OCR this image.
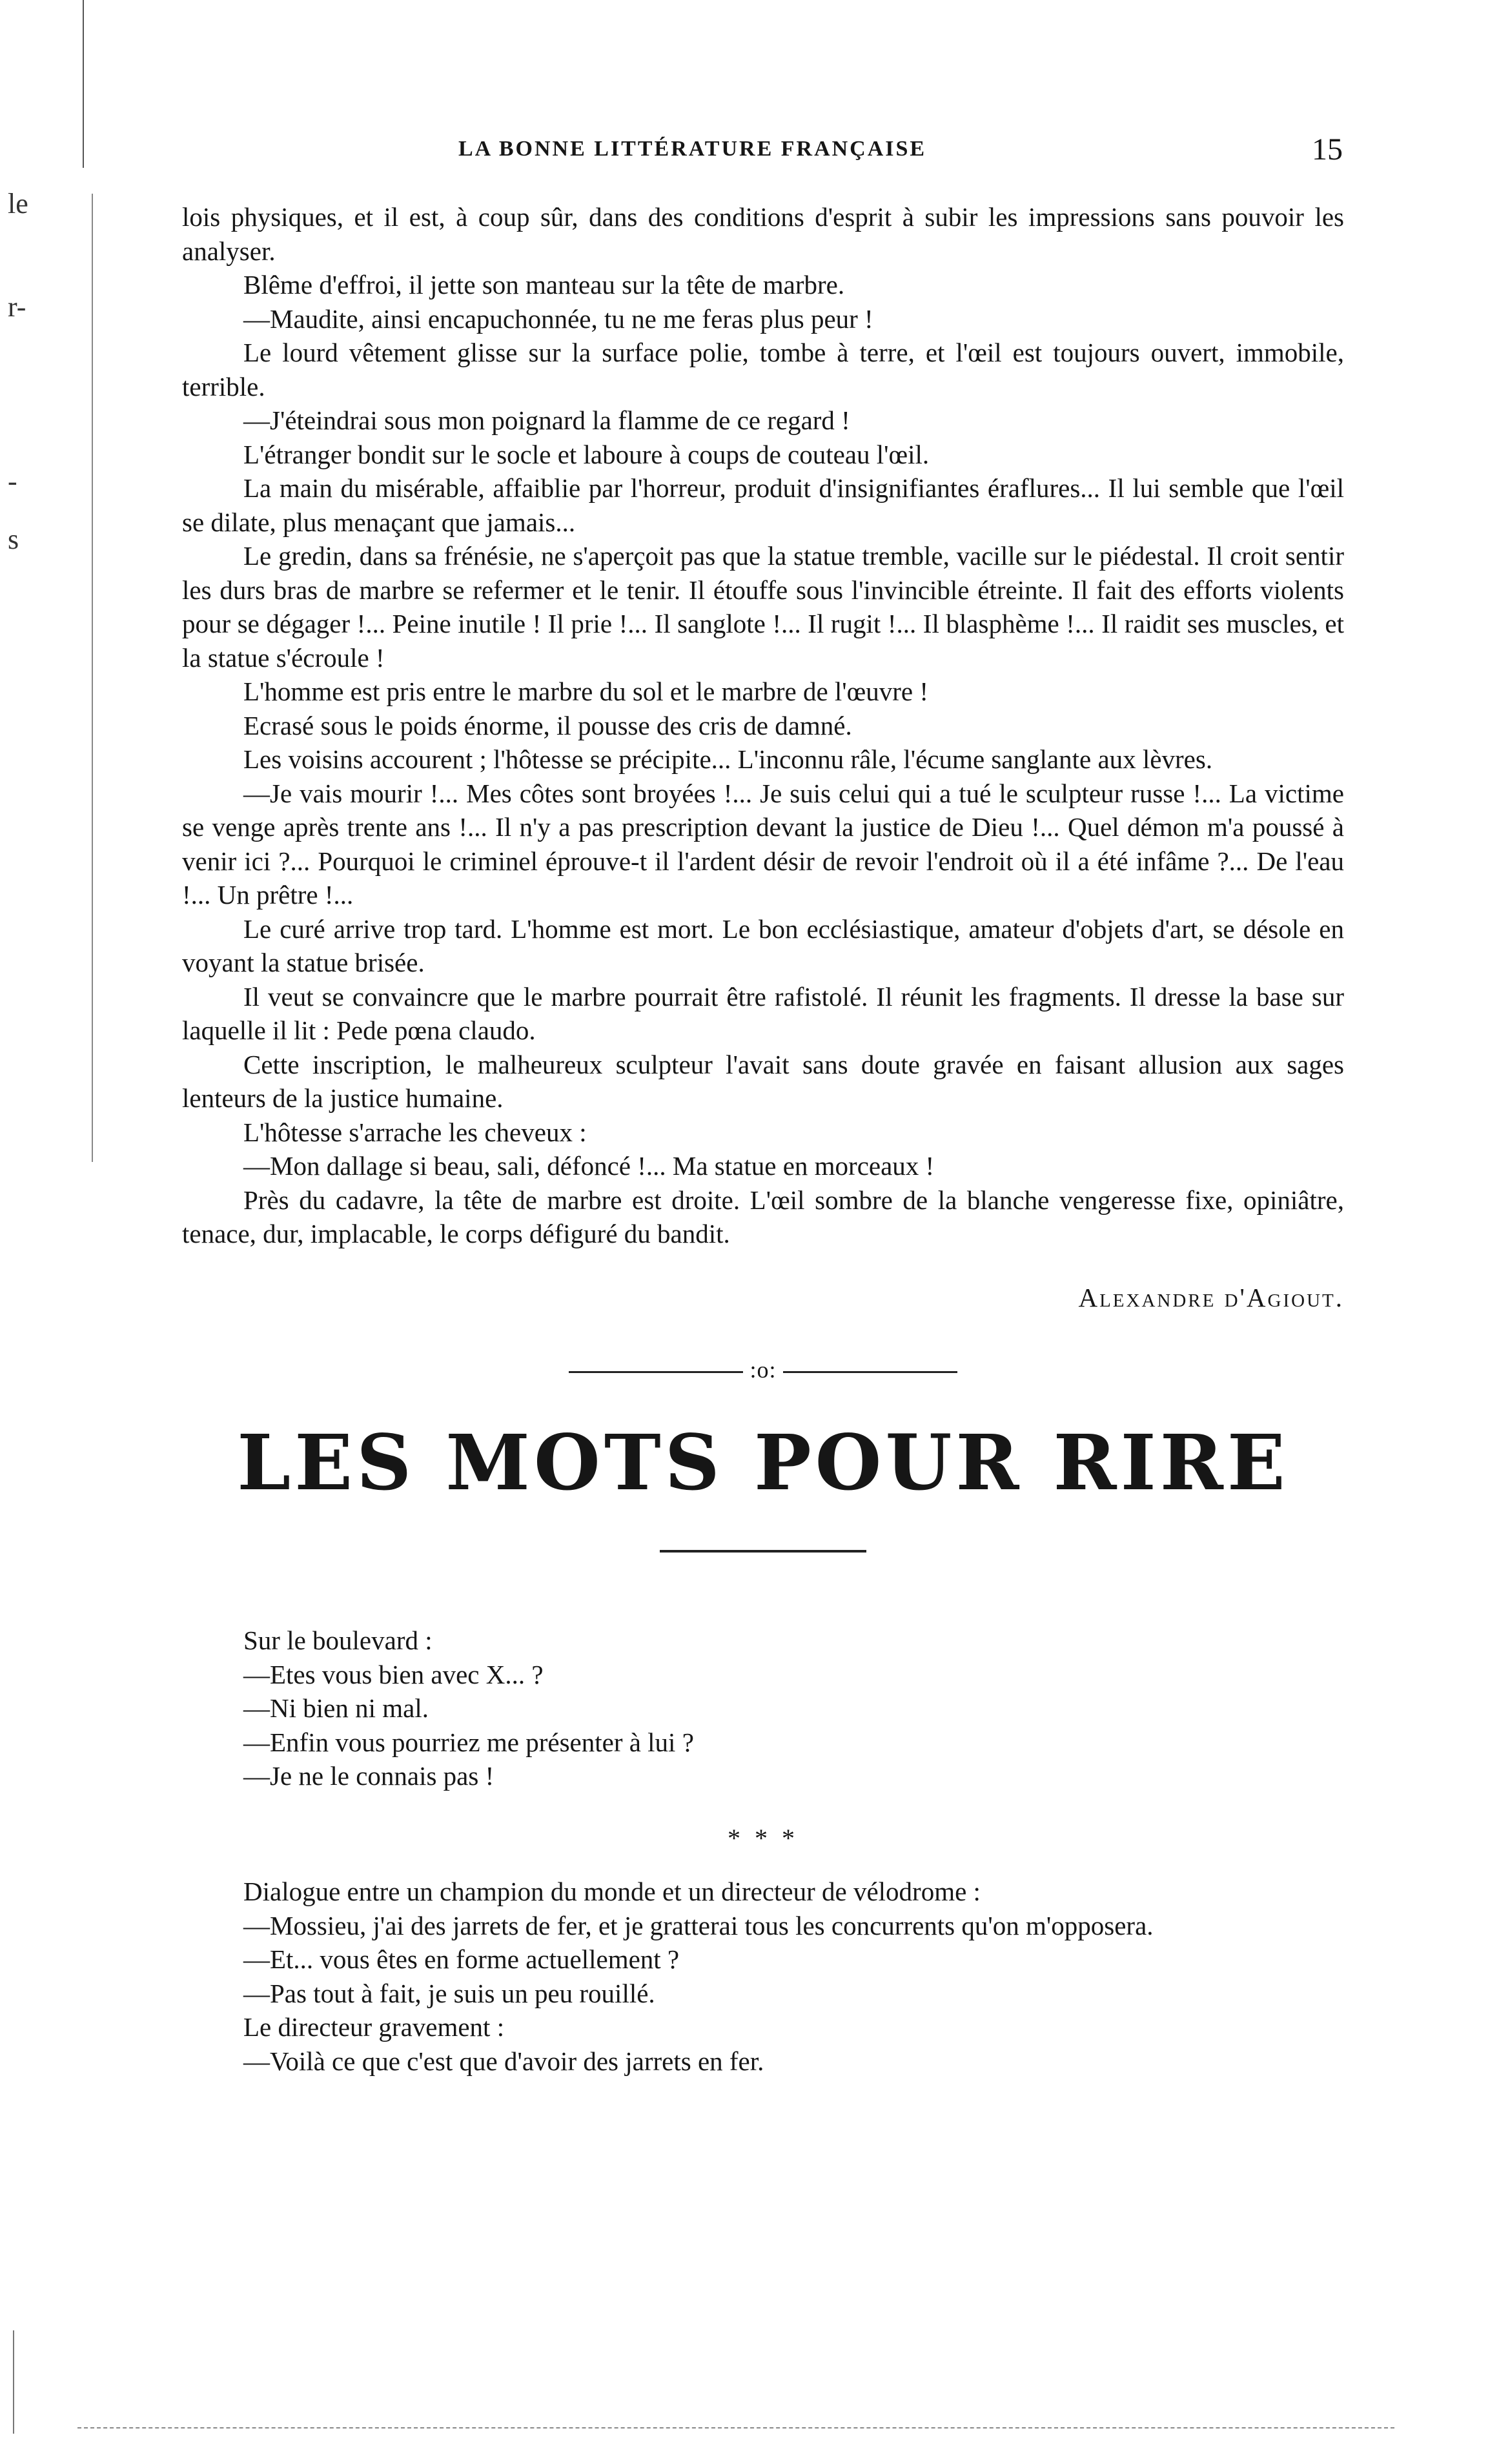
le
r-
-
s
LA BONNE LITTÉRATURE FRANÇAISE	15

lois physiques, et il est, à coup sûr, dans des conditions d'esprit à subir les impressions sans pouvoir les analyser.

Blême d'effroi, il jette son manteau sur la tête de marbre.

—Maudite, ainsi encapuchonnée, tu ne me feras plus peur !

Le lourd vêtement glisse sur la surface polie, tombe à terre, et l'œil est toujours ouvert, immobile, terrible.

—J'éteindrai sous mon poignard la flamme de ce regard !

L'étranger bondit sur le socle et laboure à coups de couteau l'œil.

La main du misérable, affaiblie par l'horreur, produit d'insignifiantes éraflures... Il lui semble que l'œil se dilate, plus menaçant que jamais...

Le gredin, dans sa frénésie, ne s'aperçoit pas que la statue tremble, vacille sur le piédestal. Il croit sentir les durs bras de marbre se refermer et le tenir. Il étouffe sous l'invincible étreinte. Il fait des efforts violents pour se dégager !... Peine inutile ! Il prie !... Il sanglote !... Il rugit !... Il blasphème !... Il raidit ses muscles, et la statue s'écroule !

L'homme est pris entre le marbre du sol et le marbre de l'œuvre !

Ecrasé sous le poids énorme, il pousse des cris de damné.

Les voisins accourent ; l'hôtesse se précipite... L'inconnu râle, l'écume sanglante aux lèvres.

—Je vais mourir !... Mes côtes sont broyées !... Je suis celui qui a tué le sculpteur russe !... La victime se venge après trente ans !... Il n'y a pas prescription devant la justice de Dieu !... Quel démon m'a poussé à venir ici ?... Pourquoi le criminel éprouve-t il l'ardent désir de revoir l'endroit où il a été infâme ?... De l'eau !... Un prêtre !...

Le curé arrive trop tard. L'homme est mort. Le bon ecclésiastique, amateur d'objets d'art, se désole en voyant la statue brisée.

Il veut se convaincre que le marbre pourrait être rafistolé. Il réunit les fragments. Il dresse la base sur laquelle il lit : Pede pœna claudo.

Cette inscription, le malheureux sculpteur l'avait sans doute gravée en faisant allusion aux sages lenteurs de la justice humaine.

L'hôtesse s'arrache les cheveux :

—Mon dallage si beau, sali, défoncé !... Ma statue en morceaux !

Près du cadavre, la tête de marbre est droite. L'œil sombre de la blanche vengeresse fixe, opiniâtre, tenace, dur, implacable, le corps défiguré du bandit.

Alexandre d'Agiout.

:o:
LES MOTS POUR RIRE

Sur le boulevard :

—Etes vous bien avec X... ?

—Ni bien ni mal.

—Enfin vous pourriez me présenter à lui ?

—Je ne le connais pas !

* * *

Dialogue entre un champion du monde et un directeur de vélodrome :

—Mossieu, j'ai des jarrets de fer, et je gratterai tous les concurrents qu'on m'opposera.

—Et... vous êtes en forme actuellement ?

—Pas tout à fait, je suis un peu rouillé.

Le directeur gravement :

—Voilà ce que c'est que d'avoir des jarrets en fer.
